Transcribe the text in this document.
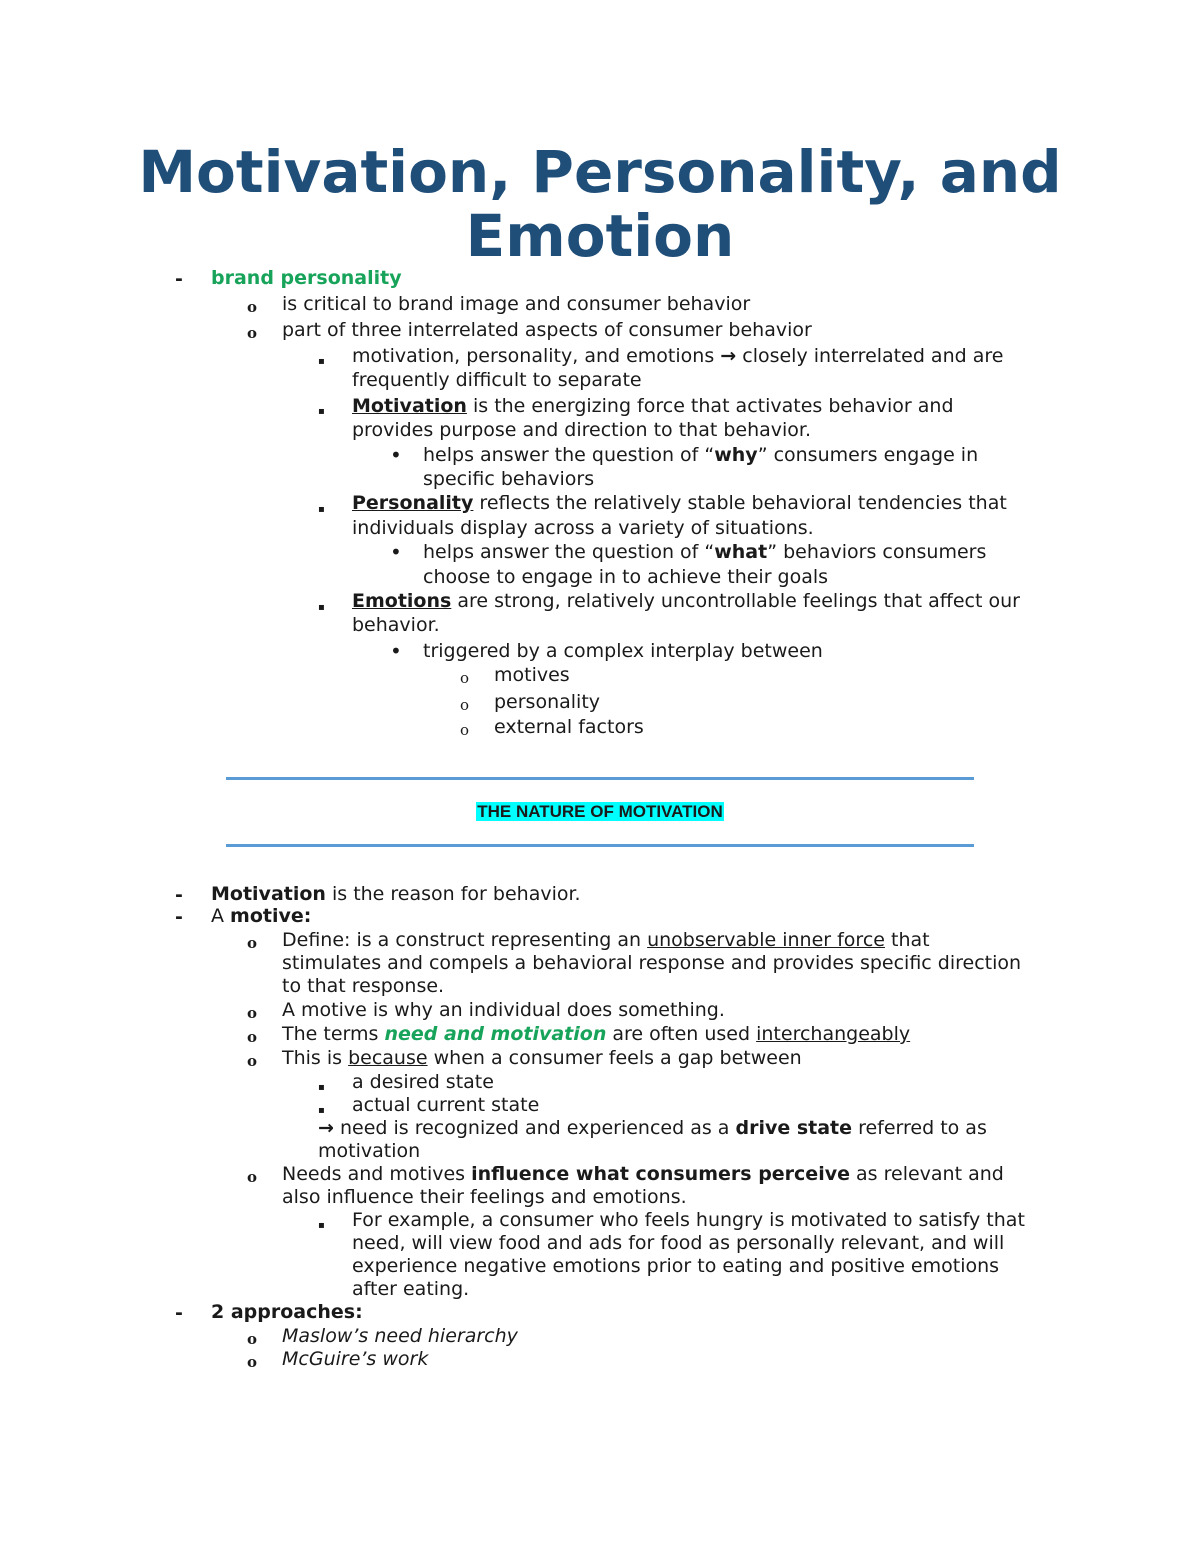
Motivation, Personality, and
Emotion
- brand personality
o is critical to brand image and consumer behavior
o part of three interrelated aspects of consumer behavior
▪ motivation, personality, and emotions → closely interrelated and are
frequently difficult to separate
▪ Motivation is the energizing force that activates behavior and
provides purpose and direction to that behavior.
• helps answer the question of “why” consumers engage in
specific behaviors
▪ Personality reflects the relatively stable behavioral tendencies that
individuals display across a variety of situations.
• helps answer the question of “what” behaviors consumers
choose to engage in to achieve their goals
▪ Emotions are strong, relatively uncontrollable feelings that affect our
behavior.
• triggered by a complex interplay between
o motives
o personality
o external factors
THE NATURE OF MOTIVATION
- Motivation is the reason for behavior.
- A motive:
o Define: is a construct representing an unobservable inner force that
stimulates and compels a behavioral response and provides specific direction
to that response.
o A motive is why an individual does something.
o The terms need and motivation are often used interchangeably
o This is because when a consumer feels a gap between
▪ a desired state
▪ actual current state
→ need is recognized and experienced as a drive state referred to as
motivation
o Needs and motives influence what consumers perceive as relevant and
also influence their feelings and emotions.
▪ For example, a consumer who feels hungry is motivated to satisfy that
need, will view food and ads for food as personally relevant, and will
experience negative emotions prior to eating and positive emotions
after eating.
- 2 approaches:
o Maslow’s need hierarchy
o McGuire’s work
